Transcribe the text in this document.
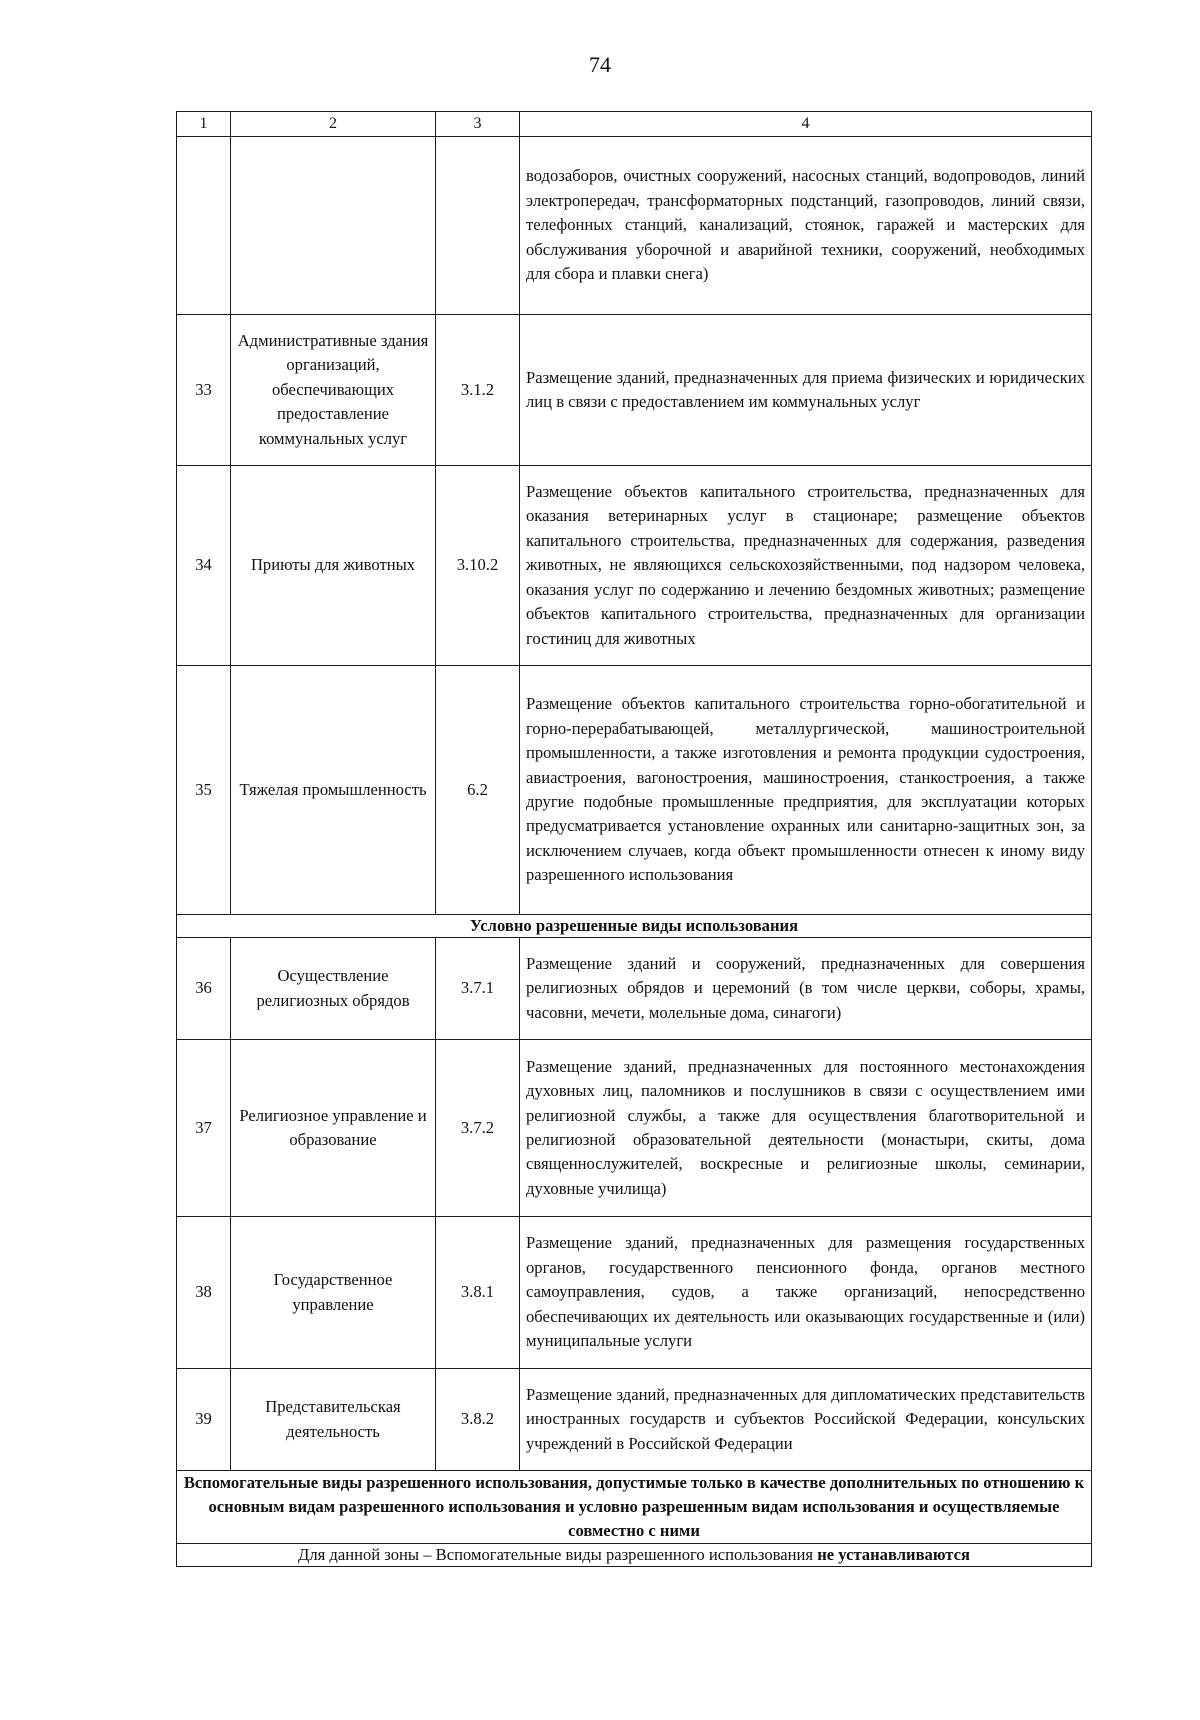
74
1	2	3	4
			водозаборов, очистных сооружений, насосных станций, водопроводов, линий электропередач, трансформаторных подстанций, газопроводов, линий связи, телефонных станций, канализаций, стоянок, гаражей и мастерских для обслуживания уборочной и аварийной техники, сооружений, необходимых для сбора и плавки снега)
33	Административные здания организаций, обеспечивающих предоставление коммунальных услуг	3.1.2	Размещение зданий, предназначенных для приема физических и юридических лиц в связи с предоставлением им коммунальных услуг
34	Приюты для животных	3.10.2	Размещение объектов капитального строительства, предназначенных для оказания ветеринарных услуг в стационаре; размещение объектов капитального строительства, предназначенных для содержания, разведения животных, не являющихся сельскохозяйственными, под надзором человека, оказания услуг по содержанию и лечению бездомных животных; размещение объектов капитального строительства, предназначенных для организации гостиниц для животных
35	Тяжелая промышленность	6.2	Размещение объектов капитального строительства горно-обогатительной и горно-перерабатывающей, металлургической, машиностроительной промышленности, а также изготовления и ремонта продукции судостроения, авиастроения, вагоностроения, машиностроения, станкостроения, а также другие подобные промышленные предприятия, для эксплуатации которых предусматривается установление охранных или санитарно-защитных зон, за исключением случаев, когда объект промышленности отнесен к иному виду разрешенного использования
Условно разрешенные виды использования			
36	Осуществление религиозных обрядов	3.7.1	Размещение зданий и сооружений, предназначенных для совершения религиозных обрядов и церемоний (в том числе церкви, соборы, храмы, часовни, мечети, молельные дома, синагоги)
37	Религиозное управление и образование	3.7.2	Размещение зданий, предназначенных для постоянного местонахождения духовных лиц, паломников и послушников в связи с осуществлением ими религиозной службы, а также для осуществления благотворительной и религиозной образовательной деятельности (монастыри, скиты, дома священнослужителей, воскресные и религиозные школы, семинарии, духовные училища)
38	Государственное управление	3.8.1	Размещение зданий, предназначенных для размещения государственных органов, государственного пенсионного фонда, органов местного самоуправления, судов, а также организаций, непосредственно обеспечивающих их деятельность или оказывающих государственные и (или) муниципальные услуги
39	Представительская деятельность	3.8.2	Размещение зданий, предназначенных для дипломатических представительств иностранных государств и субъектов Российской Федерации, консульских учреждений в Российской Федерации
Вспомогательные виды разрешенного использования, допустимые только в качестве дополнительных по отношению к основным видам разрешенного использования и условно разрешенным видам использования и осуществляемые совместно с ними			
Для данной зоны – Вспомогательные виды разрешенного использования не устанавливаются			
